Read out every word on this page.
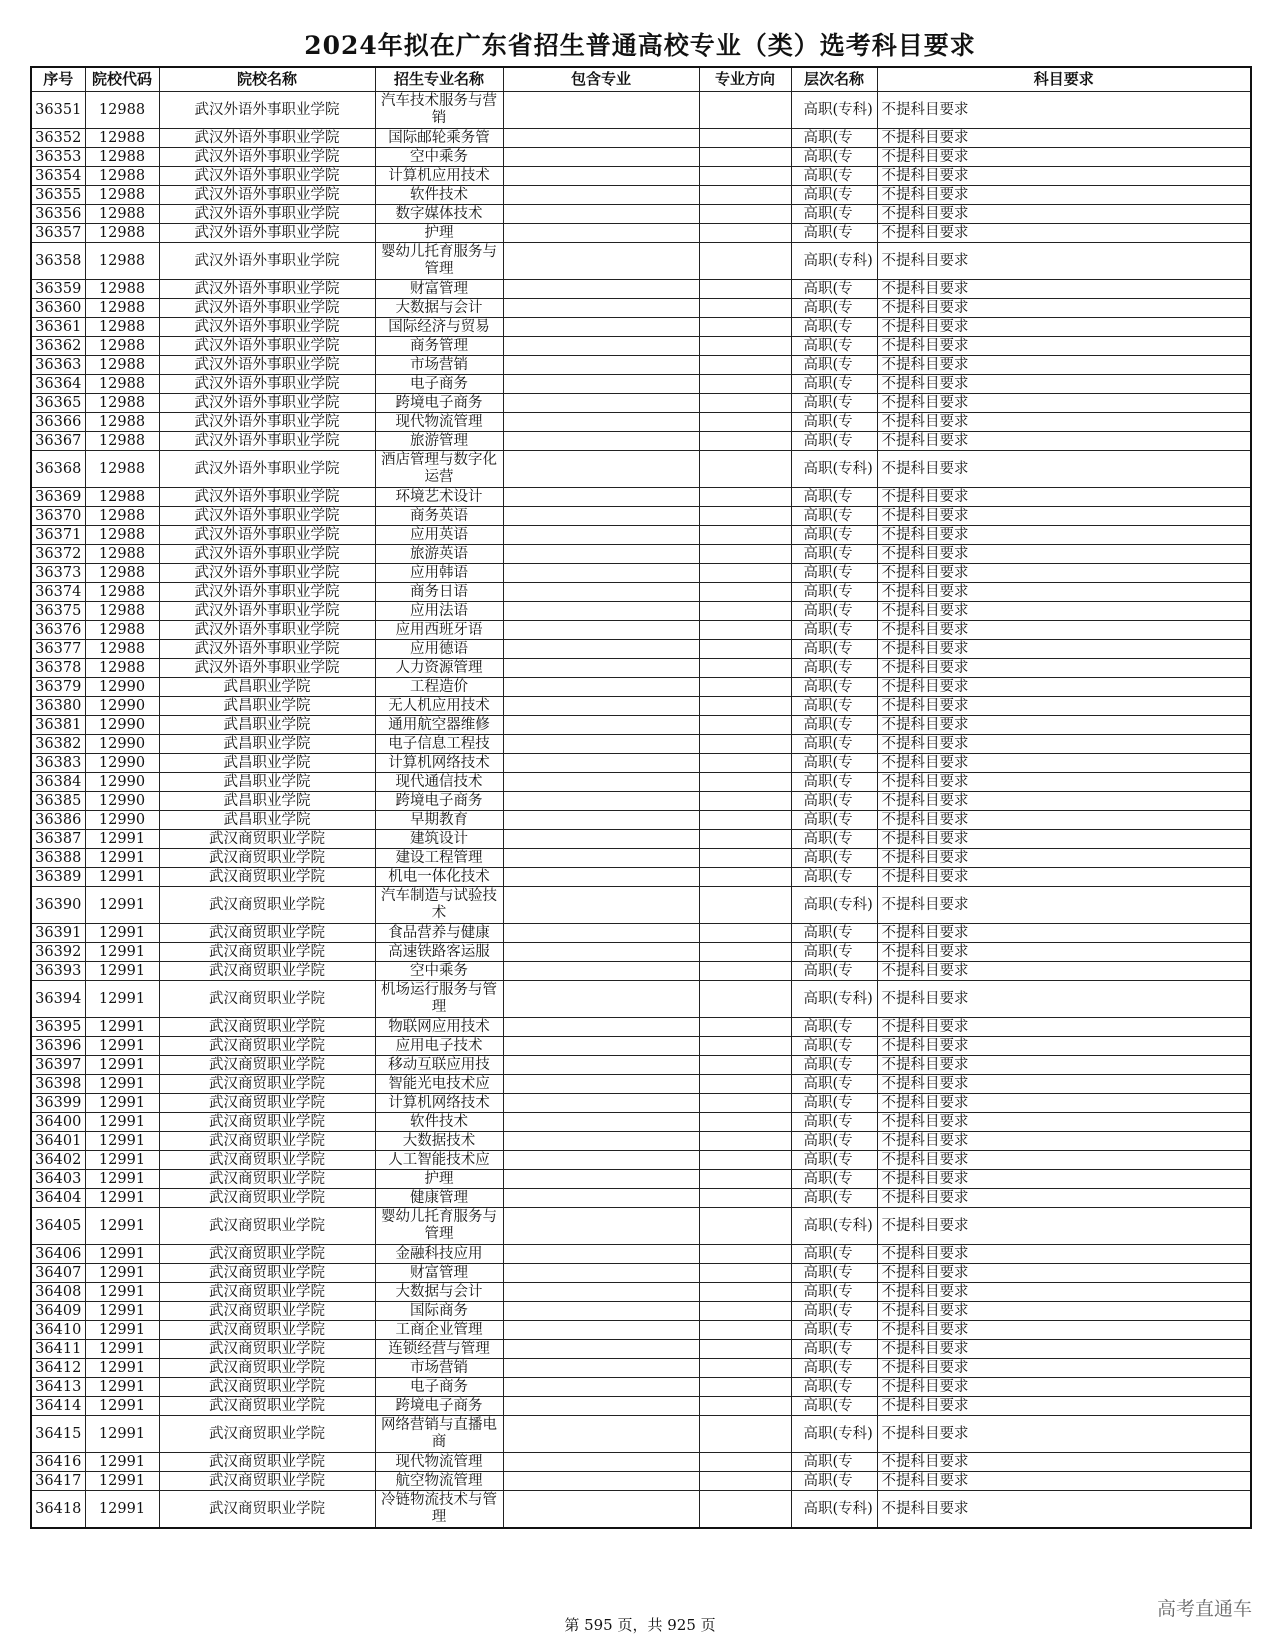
2024年拟在广东省招生普通高校专业（类）选考科目要求
序号	院校代码	院校名称	招生专业名称	包含专业	专业方向	层次名称	科目要求
36351	12988	武汉外语外事职业学院	汽车技术服务与营销			高职(专科)	不提科目要求
36352	12988	武汉外语外事职业学院	国际邮轮乘务管			高职(专	不提科目要求
36353	12988	武汉外语外事职业学院	空中乘务			高职(专	不提科目要求
36354	12988	武汉外语外事职业学院	计算机应用技术			高职(专	不提科目要求
36355	12988	武汉外语外事职业学院	软件技术			高职(专	不提科目要求
36356	12988	武汉外语外事职业学院	数字媒体技术			高职(专	不提科目要求
36357	12988	武汉外语外事职业学院	护理			高职(专	不提科目要求
36358	12988	武汉外语外事职业学院	婴幼儿托育服务与管理			高职(专科)	不提科目要求
36359	12988	武汉外语外事职业学院	财富管理			高职(专	不提科目要求
36360	12988	武汉外语外事职业学院	大数据与会计			高职(专	不提科目要求
36361	12988	武汉外语外事职业学院	国际经济与贸易			高职(专	不提科目要求
36362	12988	武汉外语外事职业学院	商务管理			高职(专	不提科目要求
36363	12988	武汉外语外事职业学院	市场营销			高职(专	不提科目要求
36364	12988	武汉外语外事职业学院	电子商务			高职(专	不提科目要求
36365	12988	武汉外语外事职业学院	跨境电子商务			高职(专	不提科目要求
36366	12988	武汉外语外事职业学院	现代物流管理			高职(专	不提科目要求
36367	12988	武汉外语外事职业学院	旅游管理			高职(专	不提科目要求
36368	12988	武汉外语外事职业学院	酒店管理与数字化运营			高职(专科)	不提科目要求
36369	12988	武汉外语外事职业学院	环境艺术设计			高职(专	不提科目要求
36370	12988	武汉外语外事职业学院	商务英语			高职(专	不提科目要求
36371	12988	武汉外语外事职业学院	应用英语			高职(专	不提科目要求
36372	12988	武汉外语外事职业学院	旅游英语			高职(专	不提科目要求
36373	12988	武汉外语外事职业学院	应用韩语			高职(专	不提科目要求
36374	12988	武汉外语外事职业学院	商务日语			高职(专	不提科目要求
36375	12988	武汉外语外事职业学院	应用法语			高职(专	不提科目要求
36376	12988	武汉外语外事职业学院	应用西班牙语			高职(专	不提科目要求
36377	12988	武汉外语外事职业学院	应用德语			高职(专	不提科目要求
36378	12988	武汉外语外事职业学院	人力资源管理			高职(专	不提科目要求
36379	12990	武昌职业学院	工程造价			高职(专	不提科目要求
36380	12990	武昌职业学院	无人机应用技术			高职(专	不提科目要求
36381	12990	武昌职业学院	通用航空器维修			高职(专	不提科目要求
36382	12990	武昌职业学院	电子信息工程技			高职(专	不提科目要求
36383	12990	武昌职业学院	计算机网络技术			高职(专	不提科目要求
36384	12990	武昌职业学院	现代通信技术			高职(专	不提科目要求
36385	12990	武昌职业学院	跨境电子商务			高职(专	不提科目要求
36386	12990	武昌职业学院	早期教育			高职(专	不提科目要求
36387	12991	武汉商贸职业学院	建筑设计			高职(专	不提科目要求
36388	12991	武汉商贸职业学院	建设工程管理			高职(专	不提科目要求
36389	12991	武汉商贸职业学院	机电一体化技术			高职(专	不提科目要求
36390	12991	武汉商贸职业学院	汽车制造与试验技术			高职(专科)	不提科目要求
36391	12991	武汉商贸职业学院	食品营养与健康			高职(专	不提科目要求
36392	12991	武汉商贸职业学院	高速铁路客运服			高职(专	不提科目要求
36393	12991	武汉商贸职业学院	空中乘务			高职(专	不提科目要求
36394	12991	武汉商贸职业学院	机场运行服务与管理			高职(专科)	不提科目要求
36395	12991	武汉商贸职业学院	物联网应用技术			高职(专	不提科目要求
36396	12991	武汉商贸职业学院	应用电子技术			高职(专	不提科目要求
36397	12991	武汉商贸职业学院	移动互联应用技			高职(专	不提科目要求
36398	12991	武汉商贸职业学院	智能光电技术应			高职(专	不提科目要求
36399	12991	武汉商贸职业学院	计算机网络技术			高职(专	不提科目要求
36400	12991	武汉商贸职业学院	软件技术			高职(专	不提科目要求
36401	12991	武汉商贸职业学院	大数据技术			高职(专	不提科目要求
36402	12991	武汉商贸职业学院	人工智能技术应			高职(专	不提科目要求
36403	12991	武汉商贸职业学院	护理			高职(专	不提科目要求
36404	12991	武汉商贸职业学院	健康管理			高职(专	不提科目要求
36405	12991	武汉商贸职业学院	婴幼儿托育服务与管理			高职(专科)	不提科目要求
36406	12991	武汉商贸职业学院	金融科技应用			高职(专	不提科目要求
36407	12991	武汉商贸职业学院	财富管理			高职(专	不提科目要求
36408	12991	武汉商贸职业学院	大数据与会计			高职(专	不提科目要求
36409	12991	武汉商贸职业学院	国际商务			高职(专	不提科目要求
36410	12991	武汉商贸职业学院	工商企业管理			高职(专	不提科目要求
36411	12991	武汉商贸职业学院	连锁经营与管理			高职(专	不提科目要求
36412	12991	武汉商贸职业学院	市场营销			高职(专	不提科目要求
36413	12991	武汉商贸职业学院	电子商务			高职(专	不提科目要求
36414	12991	武汉商贸职业学院	跨境电子商务			高职(专	不提科目要求
36415	12991	武汉商贸职业学院	网络营销与直播电商			高职(专科)	不提科目要求
36416	12991	武汉商贸职业学院	现代物流管理			高职(专	不提科目要求
36417	12991	武汉商贸职业学院	航空物流管理			高职(专	不提科目要求
36418	12991	武汉商贸职业学院	冷链物流技术与管理			高职(专科)	不提科目要求
第 595 页，共 925 页
高考直通车
